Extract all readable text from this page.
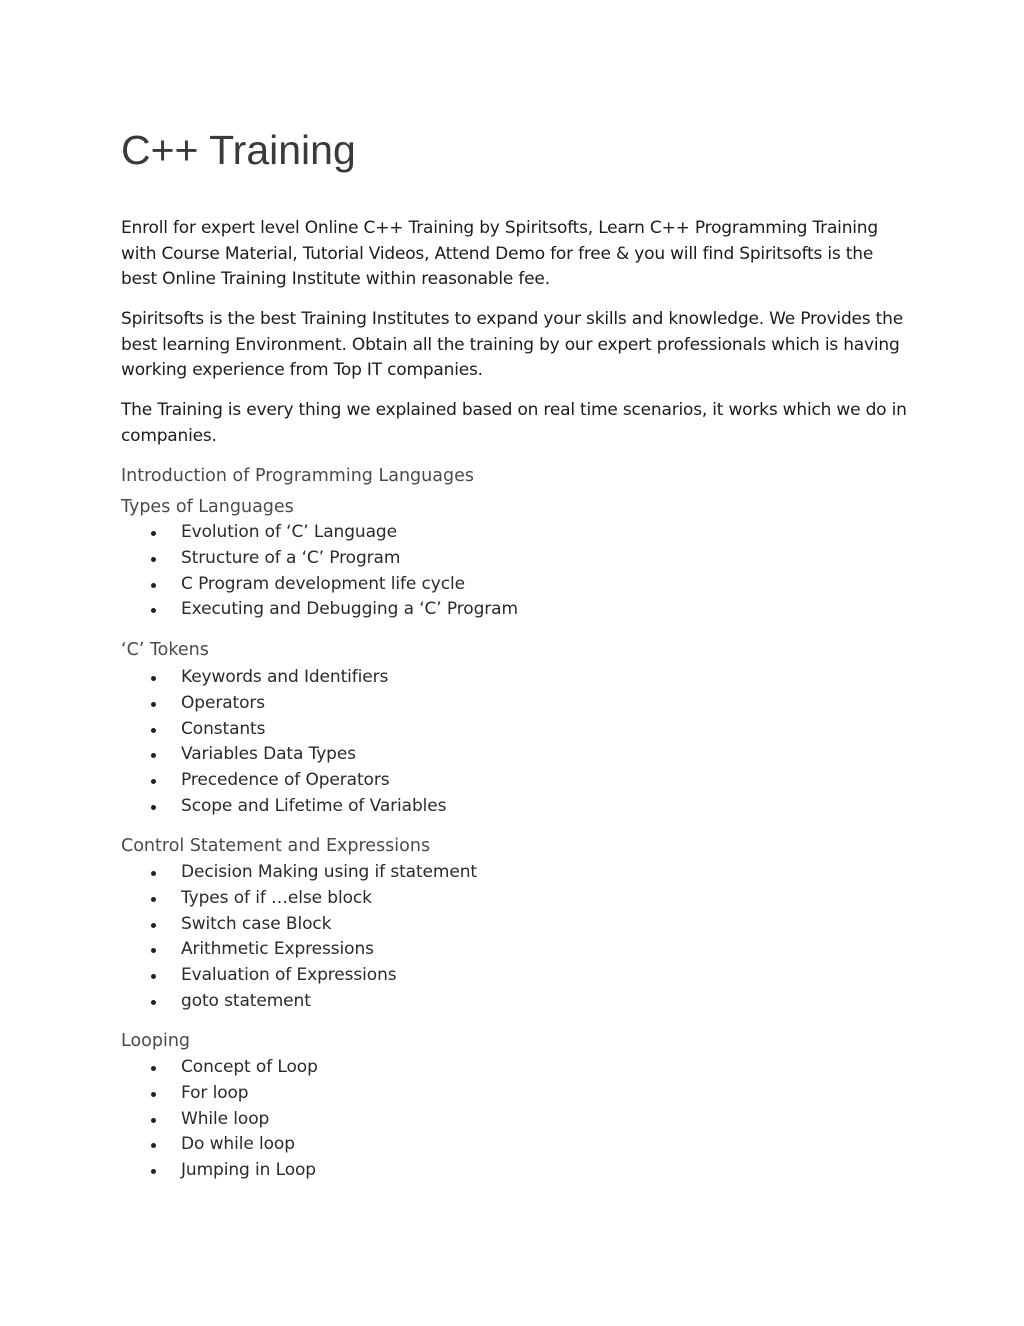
C++ Training

Enroll for expert level Online C++ Training by Spiritsofts, Learn C++ Programming Training with Course Material, Tutorial Videos, Attend Demo for free & you will find Spiritsofts is the best Online Training Institute within reasonable fee.

Spiritsofts is the best Training Institutes to expand your skills and knowledge. We Provides the best learning Environment. Obtain all the training by our expert professionals which is having working experience from Top IT companies.

The Training is every thing we explained based on real time scenarios, it works which we do in companies.

Introduction of Programming Languages
Types of Languages
Evolution of ‘C’ Language
Structure of a ‘C’ Program
C Program development life cycle
Executing and Debugging a ‘C’ Program
‘C’ Tokens
Keywords and Identifiers
Operators
Constants
Variables Data Types
Precedence of Operators
Scope and Lifetime of Variables
Control Statement and Expressions
Decision Making using if statement
Types of if …else block
Switch case Block
Arithmetic Expressions
Evaluation of Expressions
goto statement
Looping
Concept of Loop
For loop
While loop
Do while loop
Jumping in Loop
